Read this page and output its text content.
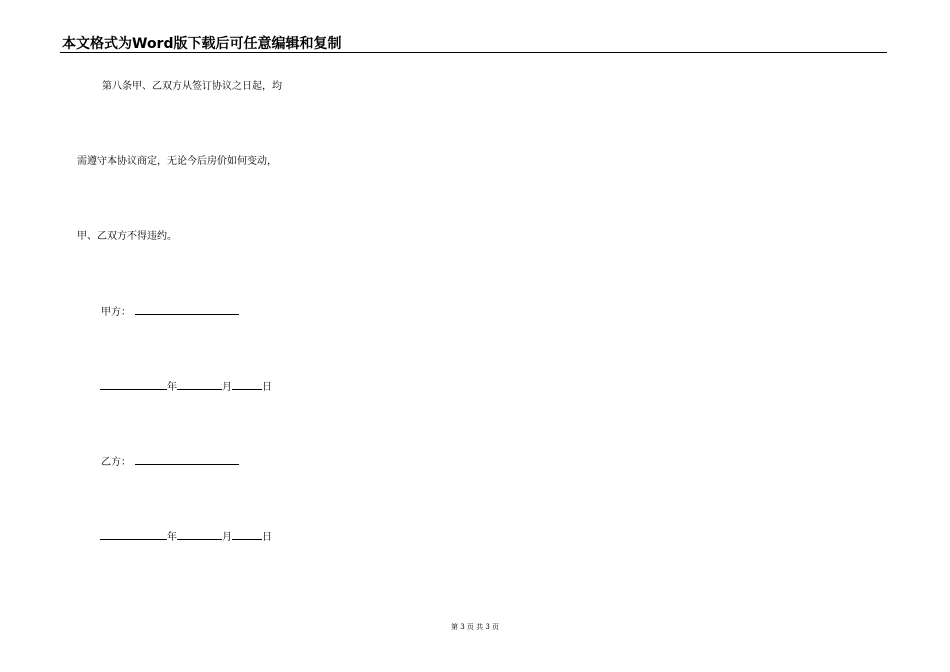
本文格式为Word版下载后可任意编辑和复制
第八条甲、乙双方从签订协议之日起，均
需遵守本协议商定，无论今后房价如何变动，
甲、乙双方不得违约。
甲方：
年	月	日
乙方：
年	月	日
第 3 页 共 3 页
